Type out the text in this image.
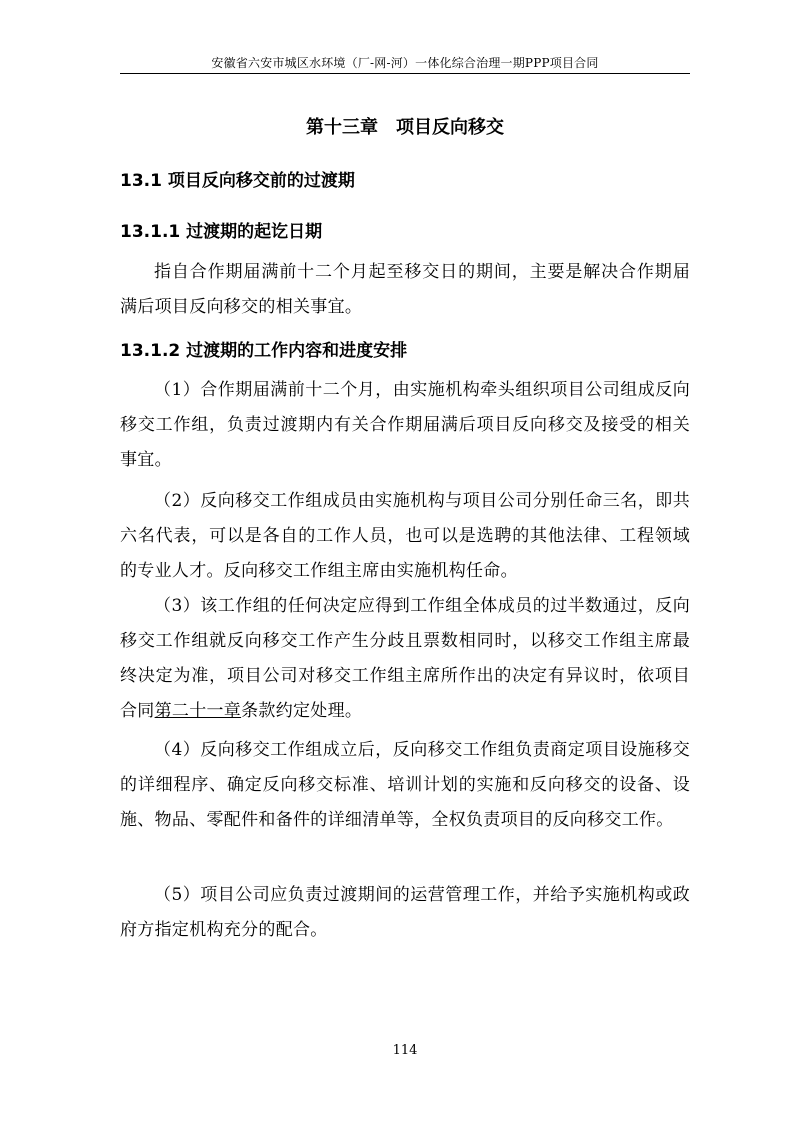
安徽省六安市城区水环境（厂-网-河）一体化综合治理一期PPP项目合同
第十三章　项目反向移交
13.1 项目反向移交前的过渡期
13.1.1 过渡期的起讫日期

指自合作期届满前十二个月起至移交日的期间，主要是解决合作期届满后项目反向移交的相关事宜。

13.1.2 过渡期的工作内容和进度安排

（1）合作期届满前十二个月，由实施机构牵头组织项目公司组成反向移交工作组，负责过渡期内有关合作期届满后项目反向移交及接受的相关事宜。

（2）反向移交工作组成员由实施机构与项目公司分别任命三名，即共六名代表，可以是各自的工作人员，也可以是选聘的其他法律、工程领域的专业人才。反向移交工作组主席由实施机构任命。

（3）该工作组的任何决定应得到工作组全体成员的过半数通过，反向移交工作组就反向移交工作产生分歧且票数相同时，以移交工作组主席最终决定为准，项目公司对移交工作组主席所作出的决定有异议时，依项目合同第二十一章条款约定处理。

（4）反向移交工作组成立后，反向移交工作组负责商定项目设施移交的详细程序、确定反向移交标准、培训计划的实施和反向移交的设备、设施、物品、零配件和备件的详细清单等，全权负责项目的反向移交工作。

（5）项目公司应负责过渡期间的运营管理工作，并给予实施机构或政府方指定机构充分的配合。

114
